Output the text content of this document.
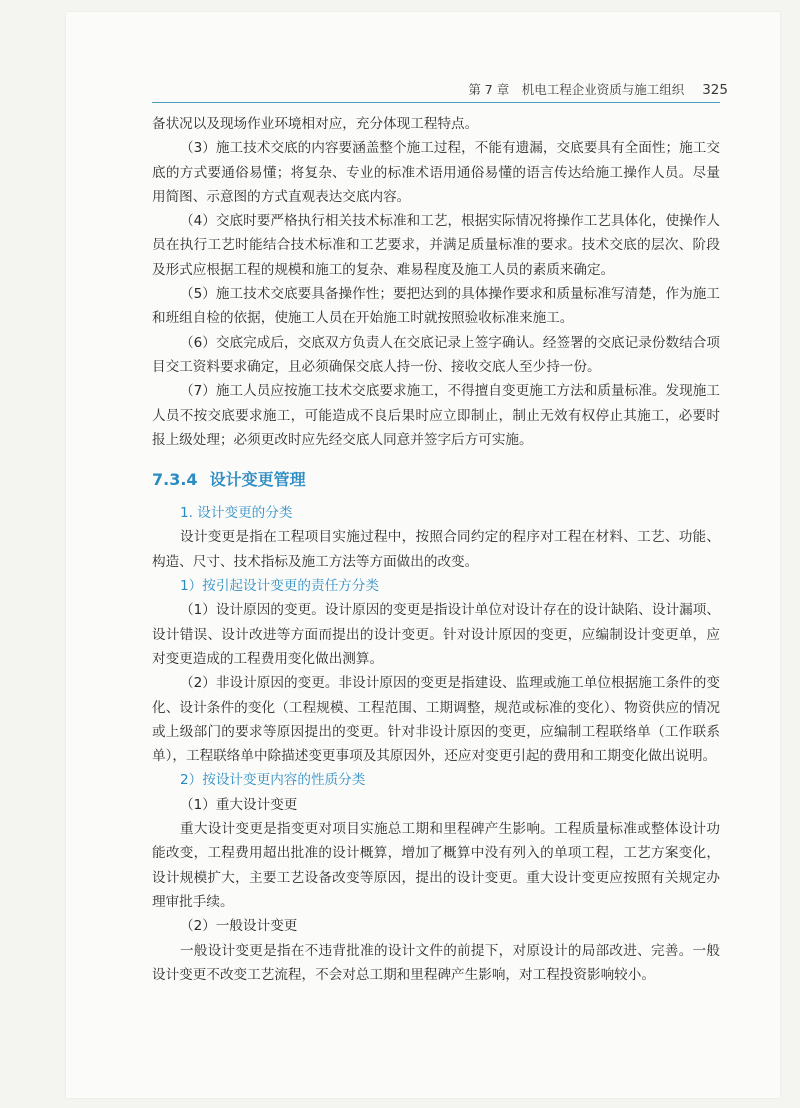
第 7 章　机电工程企业资质与施工组织 325

备状况以及现场作业环境相对应，充分体现工程特点。

（3）施工技术交底的内容要涵盖整个施工过程，不能有遗漏，交底要具有全面性；施工交底的方式要通俗易懂；将复杂、专业的标准术语用通俗易懂的语言传达给施工操作人员。尽量用简图、示意图的方式直观表达交底内容。

（4）交底时要严格执行相关技术标准和工艺，根据实际情况将操作工艺具体化，使操作人员在执行工艺时能结合技术标准和工艺要求，并满足质量标准的要求。技术交底的层次、阶段及形式应根据工程的规模和施工的复杂、难易程度及施工人员的素质来确定。

（5）施工技术交底要具备操作性；要把达到的具体操作要求和质量标准写清楚，作为施工和班组自检的依据，使施工人员在开始施工时就按照验收标准来施工。

（6）交底完成后，交底双方负责人在交底记录上签字确认。经签署的交底记录份数结合项目交工资料要求确定，且必须确保交底人持一份、接收交底人至少持一份。

（7）施工人员应按施工技术交底要求施工，不得擅自变更施工方法和质量标准。发现施工人员不按交底要求施工，可能造成不良后果时应立即制止，制止无效有权停止其施工，必要时报上级处理；必须更改时应先经交底人同意并签字后方可实施。

7.3.4 设计变更管理

1. 设计变更的分类

设计变更是指在工程项目实施过程中，按照合同约定的程序对工程在材料、工艺、功能、构造、尺寸、技术指标及施工方法等方面做出的改变。

1）按引起设计变更的责任方分类

（1）设计原因的变更。设计原因的变更是指设计单位对设计存在的设计缺陷、设计漏项、设计错误、设计改进等方面而提出的设计变更。针对设计原因的变更，应编制设计变更单，应对变更造成的工程费用变化做出测算。

（2）非设计原因的变更。非设计原因的变更是指建设、监理或施工单位根据施工条件的变化、设计条件的变化（工程规模、工程范围、工期调整，规范或标准的变化）、物资供应的情况或上级部门的要求等原因提出的变更。针对非设计原因的变更，应编制工程联络单（工作联系单），工程联络单中除描述变更事项及其原因外，还应对变更引起的费用和工期变化做出说明。

2）按设计变更内容的性质分类

（1）重大设计变更

重大设计变更是指变更对项目实施总工期和里程碑产生影响。工程质量标准或整体设计功能改变，工程费用超出批准的设计概算，增加了概算中没有列入的单项工程，工艺方案变化，设计规模扩大，主要工艺设备改变等原因，提出的设计变更。重大设计变更应按照有关规定办理审批手续。

（2）一般设计变更

一般设计变更是指在不违背批准的设计文件的前提下，对原设计的局部改进、完善。一般设计变更不改变工艺流程，不会对总工期和里程碑产生影响，对工程投资影响较小。
